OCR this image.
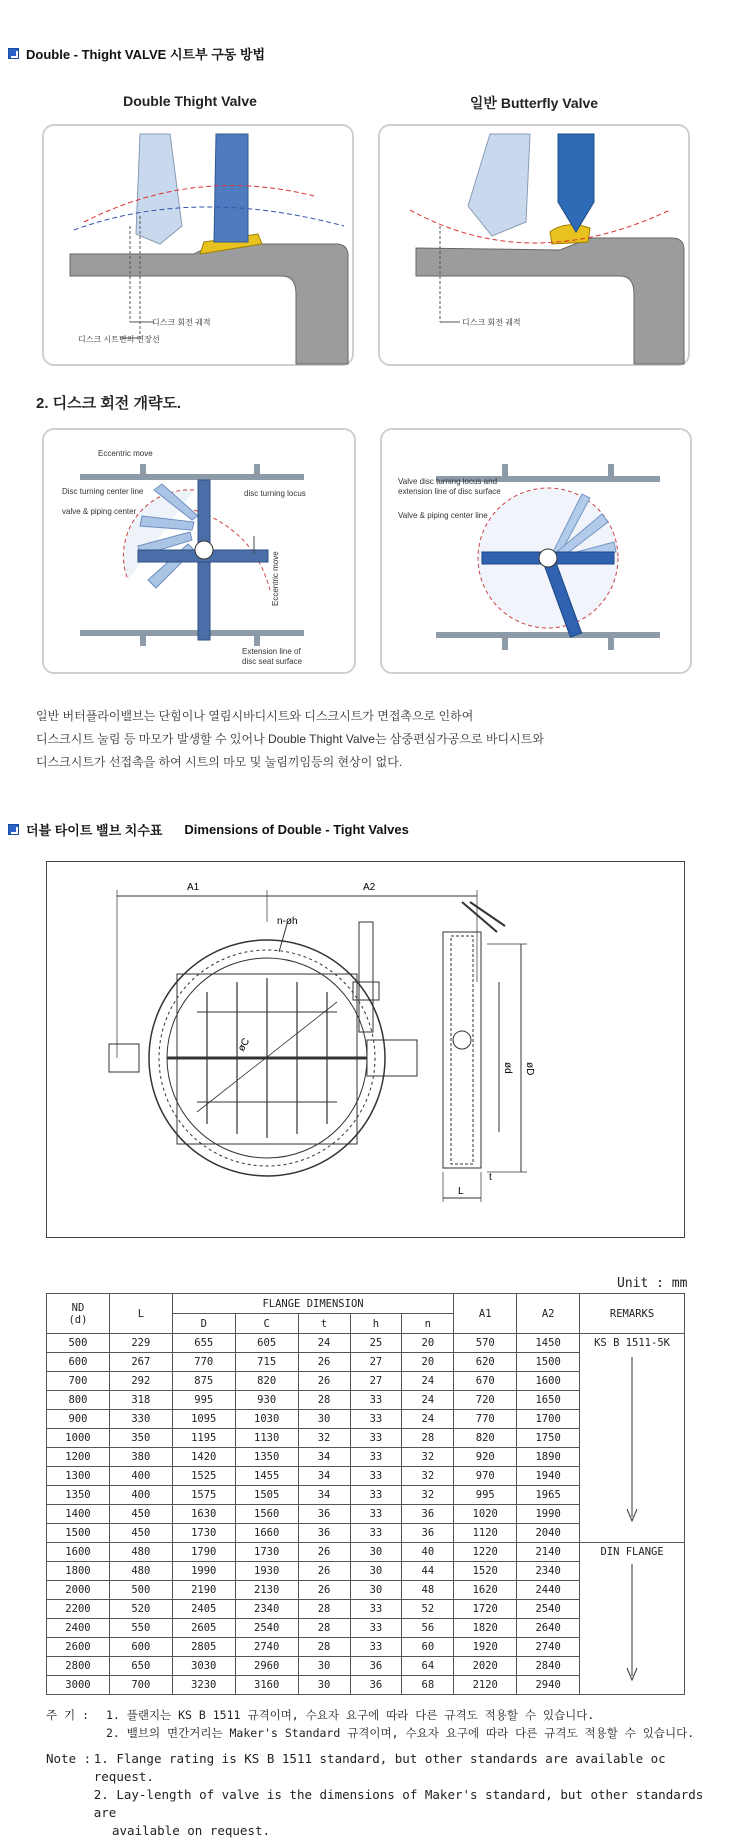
Double - Thight VALVE 시트부 구동 방법
Double Thight Valve	일반 Butterfly Valve
디스크 회전 궤적
디스크 시트면의 연장선
디스크 회전 궤적
2. 디스크 회전 개략도.
Eccentric move
Disc turning center line
valve & piping center
disc turning locus
Eccentric move
Extension line of
disc seat surface
Valve disc turning locus and
extension line of disc surface
Valve & piping center line
일반 버터플라이밸브는 단힘이나 열림시바디시트와 디스크시트가 면접촉으로 인하여
디스크시트 눌림 등 마모가 발생할 수 있어나 Double Thight Valve는 삼중편심가공으로 바디시트와
디스크시트가 선접촉을 하여 시트의 마모 및 눌림끼임등의 현상이 없다.
더블 타이트 밸브 치수표 Dimensions of Double - Tight Valves
A1	A2
n-øh
øC
ød øD
L
t
Unit : mm
ND
(d)	L	FLANGE DIMENSION					A1	A2	REMARKS
		D	C	t	h	n			
500	229	655	605	24	25	20	570	1450	KS B 1511-5K

600	267	770	715	26	27	20	620	1500	
700	292	875	820	26	27	24	670	1600	
800	318	995	930	28	33	24	720	1650	
900	330	1095	1030	30	33	24	770	1700	
1000	350	1195	1130	32	33	28	820	1750	
1200	380	1420	1350	34	33	32	920	1890	
1300	400	1525	1455	34	33	32	970	1940	
1350	400	1575	1505	34	33	32	995	1965	
1400	450	1630	1560	36	33	36	1020	1990	
1500	450	1730	1660	36	33	36	1120	2040	
1600	480	1790	1730	26	30	40	1220	2140	DIN FLANGE

1800	480	1990	1930	26	30	44	1520	2340	
2000	500	2190	2130	26	30	48	1620	2440	
2200	520	2405	2340	28	33	52	1720	2540	
2400	550	2605	2540	28	33	56	1820	2640	
2600	600	2805	2740	28	33	60	1920	2740	
2800	650	3030	2960	30	36	64	2020	2840	
3000	700	3230	3160	30	36	68	2120	2940	
주 기 :	1. 플랜지는 KS B 1511 규격이며, 수요자 요구에 따라 다른 규격도 적용할 수 있습니다.
2. 밸브의 면간거리는 Maker's Standard 규격이며, 수요자 요구에 따라 다른 규격도 적용할 수 있습니다.
Note : 1. Flange rating is KS B 1511 standard, but other standards are available oc request.
2. Lay-length of valve is the dimensions of Maker's standard, but other standards are
available on request.
